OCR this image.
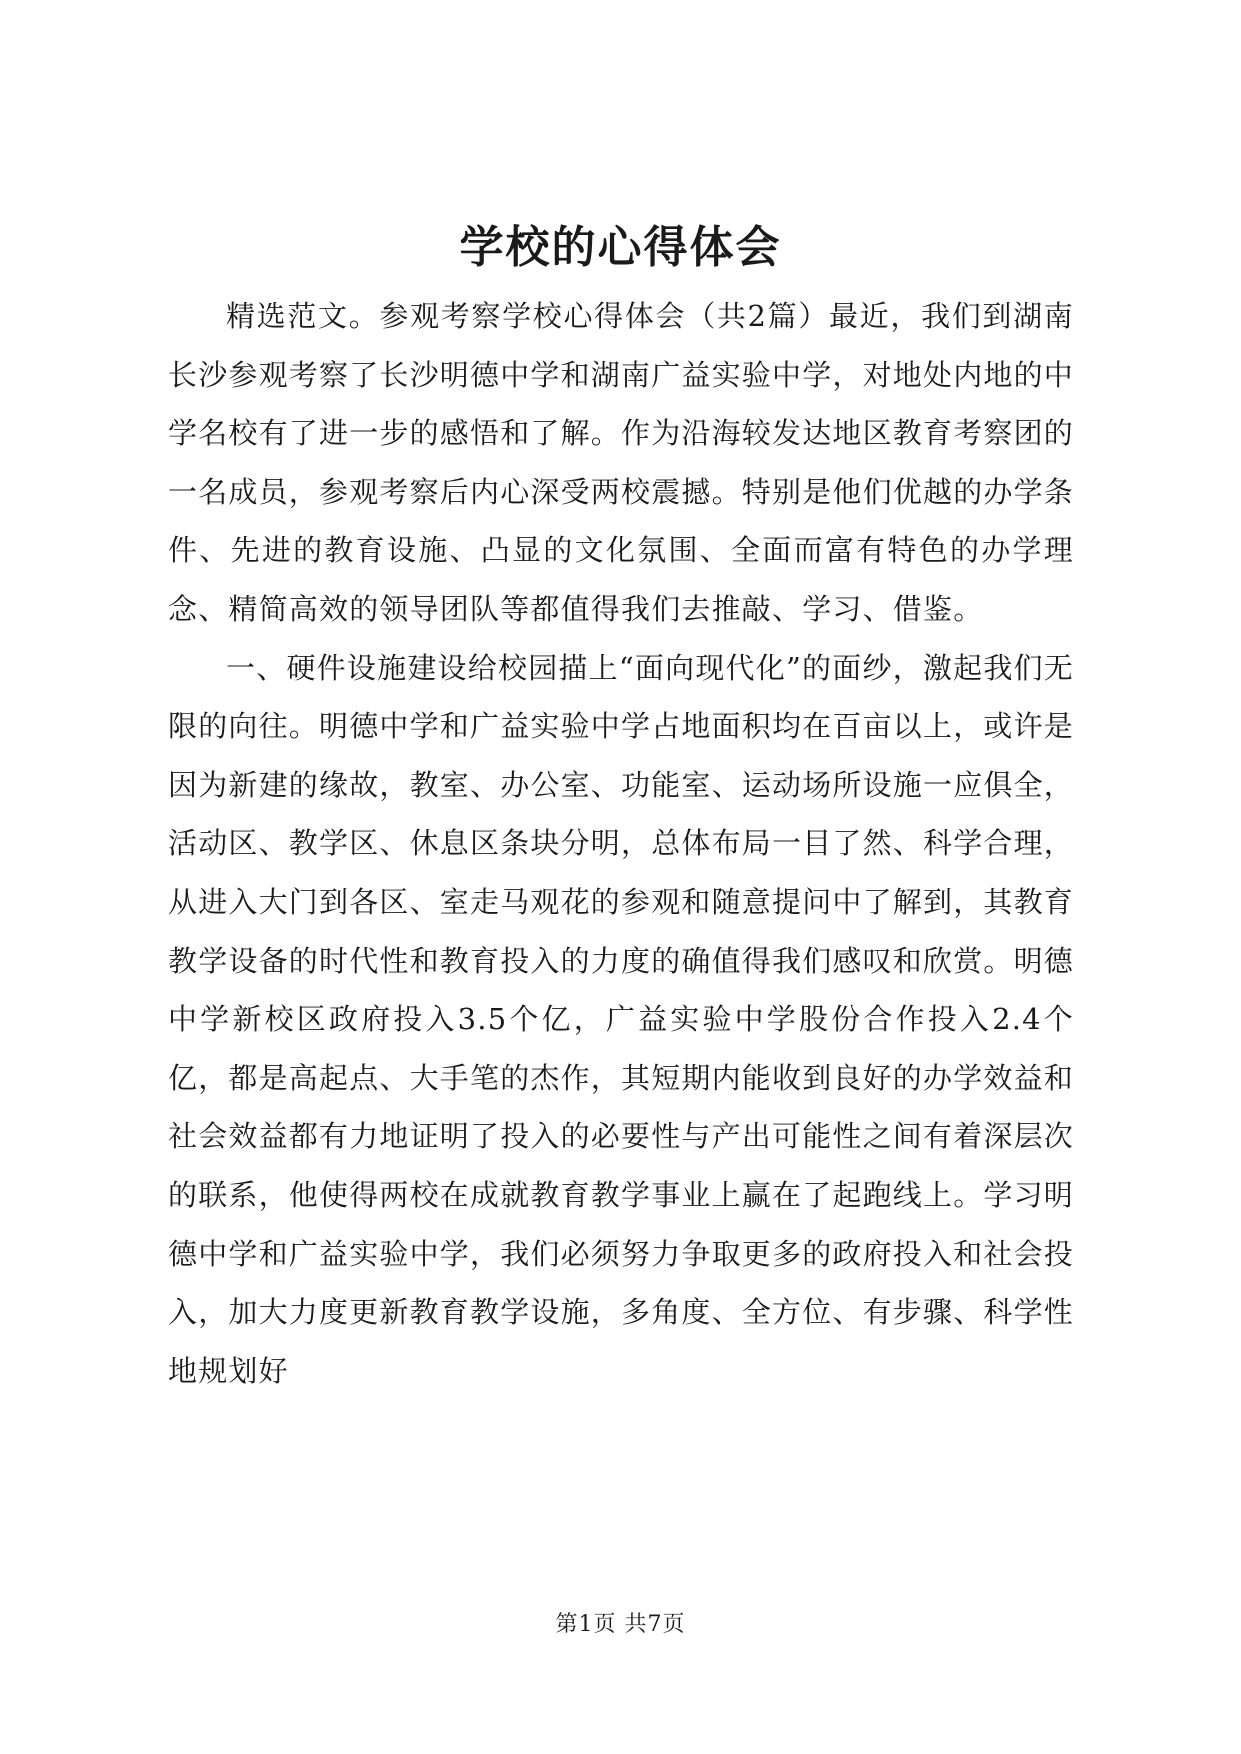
学校的心得体会

精选范文。参观考察学校心得体会（共2篇）最近，我们到湖南长沙参观考察了长沙明德中学和湖南广益实验中学，对地处内地的中学名校有了进一步的感悟和了解。作为沿海较发达地区教育考察团的一名成员，参观考察后内心深受两校震撼。特别是他们优越的办学条件、先进的教育设施、凸显的文化氛围、全面而富有特色的办学理念、精简高效的领导团队等都值得我们去推敲、学习、借鉴。

一、硬件设施建设给校园描上“面向现代化”的面纱，激起我们无限的向往。明德中学和广益实验中学占地面积均在百亩以上，或许是因为新建的缘故，教室、办公室、功能室、运动场所设施一应俱全，活动区、教学区、休息区条块分明，总体布局一目了然、科学合理，从进入大门到各区、室走马观花的参观和随意提问中了解到，其教育教学设备的时代性和教育投入的力度的确值得我们感叹和欣赏。明德中学新校区政府投入3.5个亿，广益实验中学股份合作投入2.4个亿，都是高起点、大手笔的杰作，其短期内能收到良好的办学效益和社会效益都有力地证明了投入的必要性与产出可能性之间有着深层次的联系，他使得两校在成就教育教学事业上赢在了起跑线上。学习明德中学和广益实验中学，我们必须努力争取更多的政府投入和社会投入，加大力度更新教育教学设施，多角度、全方位、有步骤、科学性地规划好

第1页 共7页
